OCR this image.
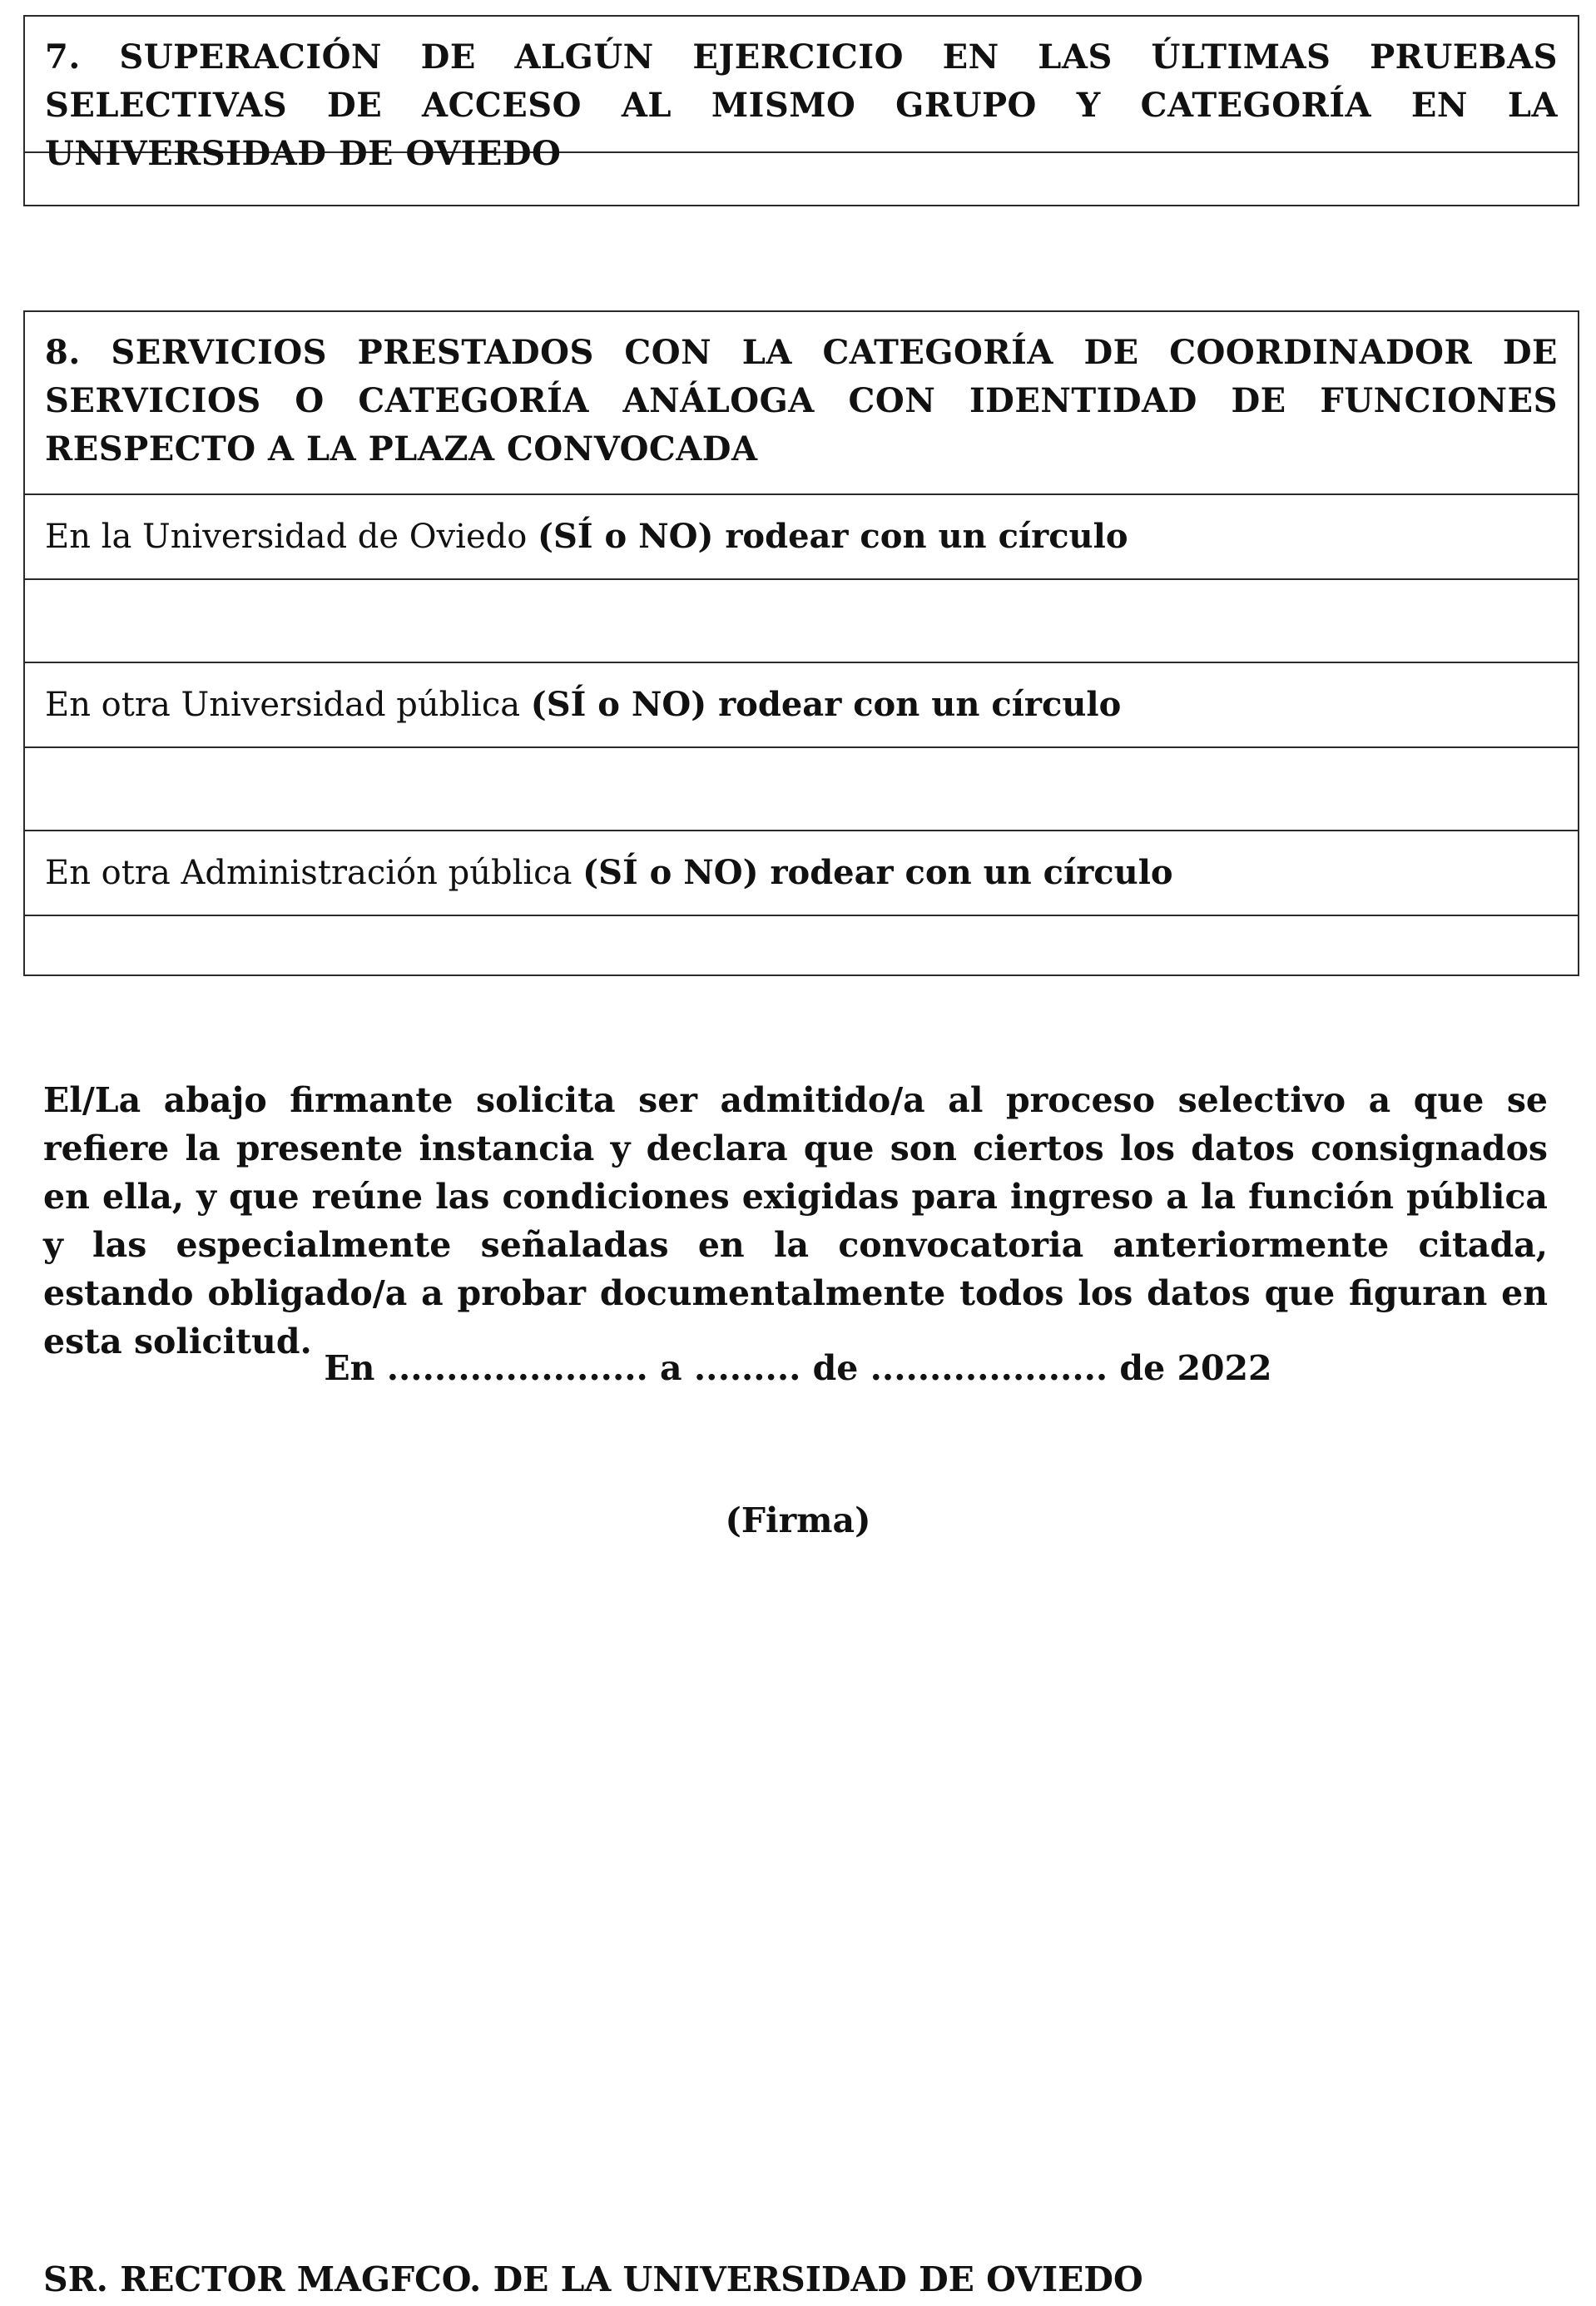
7. SUPERACIÓN DE ALGÚN EJERCICIO EN LAS ÚLTIMAS PRUEBAS SELECTIVAS DE ACCESO AL MISMO GRUPO Y CATEGORÍA EN LA UNIVERSIDAD DE OVIEDO
8. SERVICIOS PRESTADOS CON LA CATEGORÍA DE COORDINADOR DE SERVICIOS O CATEGORÍA ANÁLOGA CON IDENTIDAD DE FUNCIONES RESPECTO A LA PLAZA CONVOCADA
En la Universidad de Oviedo (SÍ o NO) rodear con un círculo
En otra Universidad pública (SÍ o NO) rodear con un círculo
En otra Administración pública (SÍ o NO) rodear con un círculo
El/La abajo firmante solicita ser admitido/a al proceso selectivo a que se refiere la presente instancia y declara que son ciertos los datos consignados en ella, y que reúne las condiciones exigidas para ingreso a la función pública y las especialmente señaladas en la convocatoria anteriormente citada, estando obligado/a a probar documentalmente todos los datos que figuran en esta solicitud.
En ...................... a ......... de .................... de 2022
(Firma)
SR. RECTOR MAGFCO. DE LA UNIVERSIDAD DE OVIEDO
